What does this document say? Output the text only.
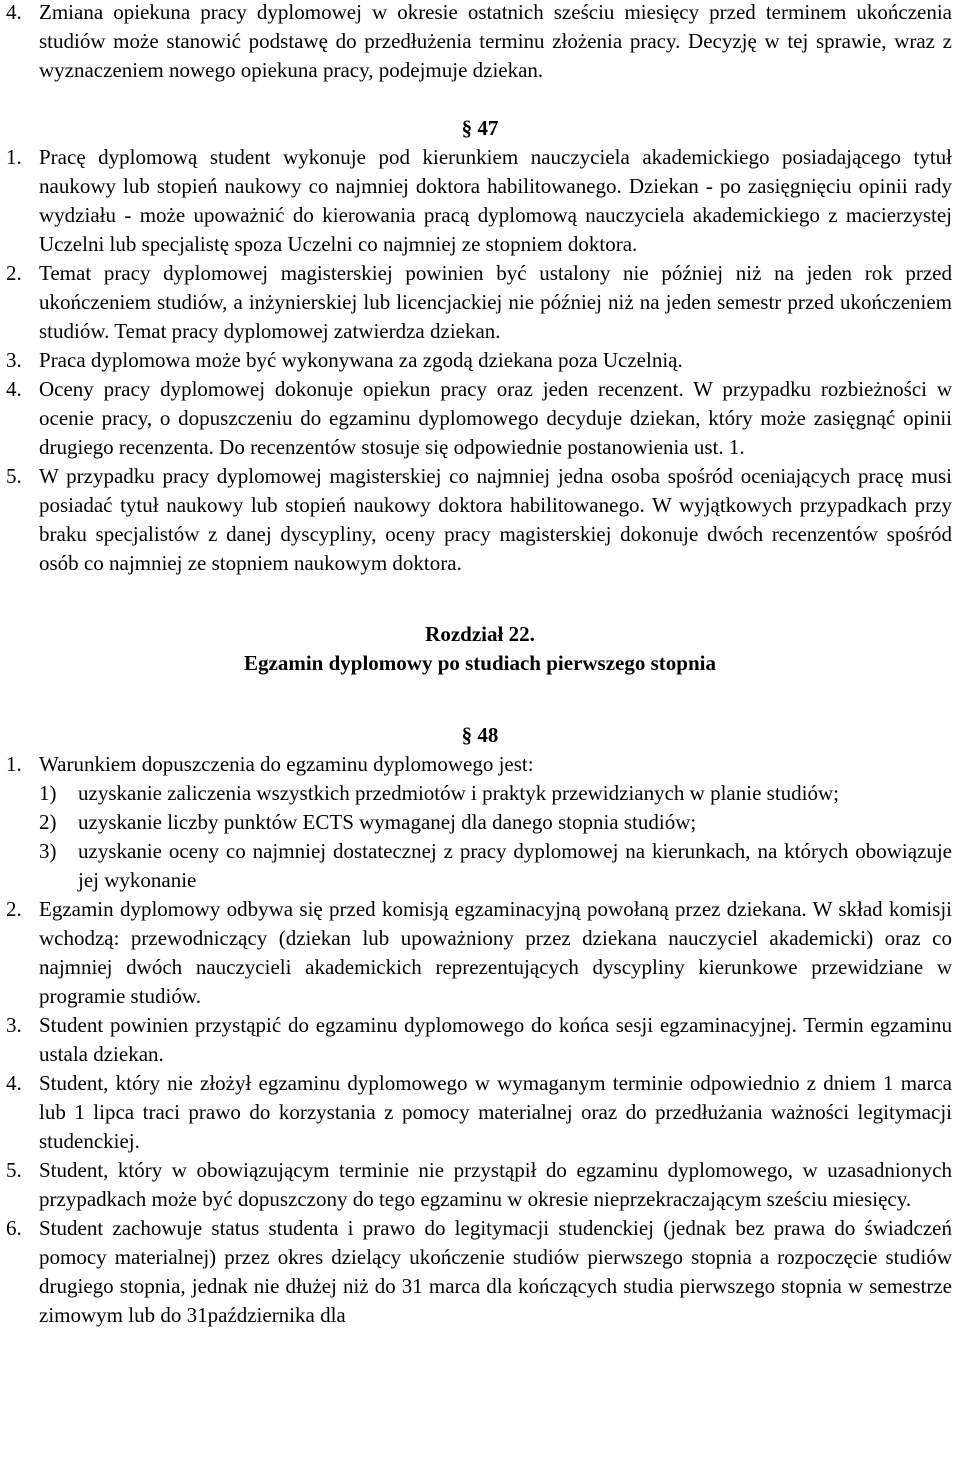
4. Zmiana opiekuna pracy dyplomowej w okresie ostatnich sześciu miesięcy przed terminem ukończenia studiów może stanowić podstawę do przedłużenia terminu złożenia pracy. Decyzję w tej sprawie, wraz z wyznaczeniem nowego opiekuna pracy, podejmuje dziekan.

§ 47

1. Pracę dyplomową student wykonuje pod kierunkiem nauczyciela akademickiego posiadającego tytuł naukowy lub stopień naukowy co najmniej doktora habilitowanego. Dziekan - po zasięgnięciu opinii rady wydziału - może upoważnić do kierowania pracą dyplomową nauczyciela akademickiego z macierzystej Uczelni lub specjalistę spoza Uczelni co najmniej ze stopniem doktora.
2. Temat pracy dyplomowej magisterskiej powinien być ustalony nie później niż na jeden rok przed ukończeniem studiów, a inżynierskiej lub licencjackiej nie później niż na jeden semestr przed ukończeniem studiów. Temat pracy dyplomowej zatwierdza dziekan.
3. Praca dyplomowa może być wykonywana za zgodą dziekana poza Uczelnią.
4. Oceny pracy dyplomowej dokonuje opiekun pracy oraz jeden recenzent. W przypadku rozbieżności w ocenie pracy, o dopuszczeniu do egzaminu dyplomowego decyduje dziekan, który może zasięgnąć opinii drugiego recenzenta. Do recenzentów stosuje się odpowiednie postanowienia ust. 1.
5. W przypadku pracy dyplomowej magisterskiej co najmniej jedna osoba spośród oceniających pracę musi posiadać tytuł naukowy lub stopień naukowy doktora habilitowanego. W wyjątkowych przypadkach przy braku specjalistów z danej dyscypliny, oceny pracy magisterskiej dokonuje dwóch recenzentów spośród osób co najmniej ze stopniem naukowym doktora.

Rozdział 22.

Egzamin dyplomowy po studiach pierwszego stopnia

§ 48

1. Warunkiem dopuszczenia do egzaminu dyplomowego jest:
1) uzyskanie zaliczenia wszystkich przedmiotów i praktyk przewidzianych w planie studiów;
2) uzyskanie liczby punktów ECTS wymaganej dla danego stopnia studiów;
3) uzyskanie oceny co najmniej dostatecznej z pracy dyplomowej na kierunkach, na których obowiązuje jej wykonanie
2. Egzamin dyplomowy odbywa się przed komisją egzaminacyjną powołaną przez dziekana. W skład komisji wchodzą: przewodniczący (dziekan lub upoważniony przez dziekana nauczyciel akademicki) oraz co najmniej dwóch nauczycieli akademickich reprezentujących dyscypliny kierunkowe przewidziane w programie studiów.
3. Student powinien przystąpić do egzaminu dyplomowego do końca sesji egzaminacyjnej. Termin egzaminu ustala dziekan.
4. Student, który nie złożył egzaminu dyplomowego w wymaganym terminie odpowiednio z dniem 1 marca lub 1 lipca traci prawo do korzystania z pomocy materialnej oraz do przedłużania ważności legitymacji studenckiej.
5. Student, który w obowiązującym terminie nie przystąpił do egzaminu dyplomowego, w uzasadnionych przypadkach może być dopuszczony do tego egzaminu w okresie nieprzekraczającym sześciu miesięcy.
6. Student zachowuje status studenta i prawo do legitymacji studenckiej (jednak bez prawa do świadczeń pomocy materialnej) przez okres dzielący ukończenie studiów pierwszego stopnia a rozpoczęcie studiów drugiego stopnia, jednak nie dłużej niż do 31 marca dla kończących studia pierwszego stopnia w semestrze zimowym lub do 31października dla
